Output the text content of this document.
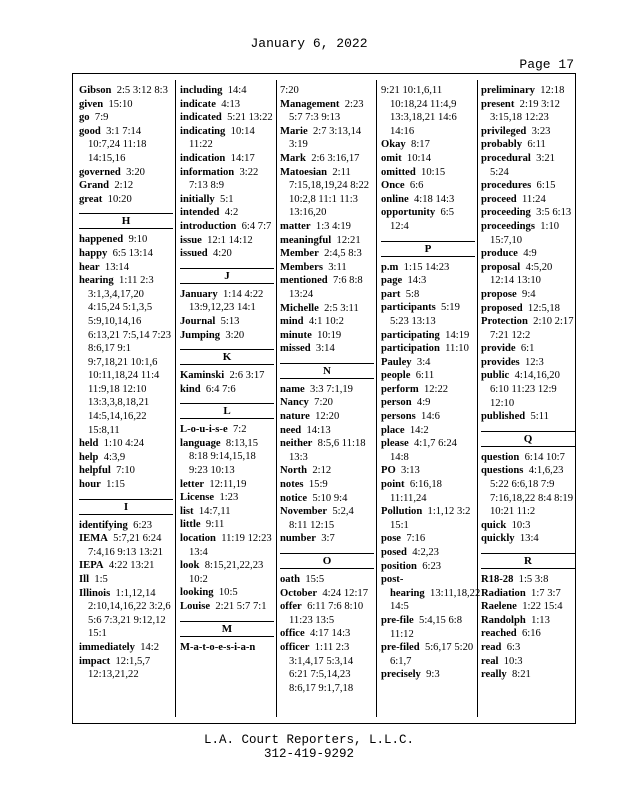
January 6, 2022
Page 17
Gibson 2:5 3:12 8:3
given 15:10
go 7:9
good 3:1 7:14 10:7,24 11:18 14:15,16
governed 3:20
Grand 2:12
great 10:20
H
happened 9:10
happy 6:5 13:14
hear 13:14
hearing 1:11 2:3 3:1,3,4,17,20 4:15,24 5:1,3,5 5:9,10,14,16 6:13,21 7:5,14 7:23 8:6,17 9:1 9:7,18,21 10:1,6 10:11,18,24 11:4 11:9,18 12:10 13:3,3,8,18,21 14:5,14,16,22 15:8,11
held 1:10 4:24
help 4:3,9
helpful 7:10
hour 1:15
I
identifying 6:23
IEMA 5:7,21 6:24 7:4,16 9:13 13:21
IEPA 4:22 13:21
Ill 1:5
Illinois 1:1,12,14 2:10,14,16,22 3:2,6 5:6 7:3,21 9:12,12 15:1
immediately 14:2
impact 12:1,5,7 12:13,21,22
including 14:4
indicate 4:13
indicated 5:21 13:22
indicating 10:14 11:22
indication 14:17
information 3:22 7:13 8:9
initially 5:1
intended 4:2
introduction 6:4 7:7
issue 12:1 14:12
issued 4:20
J
January 1:14 4:22 13:9,12,23 14:1
Journal 5:13
Jumping 3:20
K
Kaminski 2:6 3:17
kind 6:4 7:6
L
L-o-u-i-s-e 7:2
language 8:13,15 8:18 9:14,15,18 9:23 10:13
letter 12:11,19
License 1:23
list 14:7,11
little 9:11
location 11:19 12:23 13:4
look 8:15,21,22,23 10:2
looking 10:5
Louise 2:21 5:7 7:1
M
M-a-t-o-e-s-i-a-n
7:20
Management 2:23 5:7 7:3 9:13
Marie 2:7 3:13,14 3:19
Mark 2:6 3:16,17
Matoesian 2:11 7:15,18,19,24 8:22 10:2,8 11:1 11:3 13:16,20
matter 1:3 4:19
meaningful 12:21
Member 2:4,5 8:3
Members 3:11
mentioned 7:6 8:8 13:24
Michelle 2:5 3:11
mind 4:1 10:2
minute 10:19
missed 3:14
N
name 3:3 7:1,19
Nancy 7:20
nature 12:20
need 14:13
neither 8:5,6 11:18 13:3
North 2:12
notes 15:9
notice 5:10 9:4
November 5:2,4 8:11 12:15
number 3:7
O
oath 15:5
October 4:24 12:17
offer 6:11 7:6 8:10 11:23 13:5
office 4:17 14:3
officer 1:11 2:3 3:1,4,17 5:3,14 6:21 7:5,14,23 8:6,17 9:1,7,18
9:21 10:1,6,11 10:18,24 11:4,9 13:3,18,21 14:6 14:16
Okay 8:17
omit 10:14
omitted 10:15
Once 6:6
online 4:18 14:3
opportunity 6:5 12:4
P
p.m 1:15 14:23
page 14:3
part 5:8
participants 5:19 5:23 13:13
participating 14:19
participation 11:10
Pauley 3:4
people 6:11
perform 12:22
person 4:9
persons 14:6
place 14:2
please 4:1,7 6:24 14:8
PO 3:13
point 6:16,18 11:11,24
Pollution 1:1,12 3:2 15:1
pose 7:16
posed 4:2,23
position 6:23
post-hearing 13:11,18,22 14:5
pre-file 5:4,15 6:8 11:12
pre-filed 5:6,17 5:20 6:1,7
precisely 9:3
preliminary 12:18
present 2:19 3:12 3:15,18 12:23
privileged 3:23
probably 6:11
procedural 3:21 5:24
procedures 6:15
proceed 11:24
proceeding 3:5 6:13
proceedings 1:10 15:7,10
produce 4:9
proposal 4:5,20 12:14 13:10
propose 9:4
proposed 12:5,18
Protection 2:10 2:17 7:21 12:2
provide 6:1
provides 12:3
public 4:14,16,20 6:10 11:23 12:9 12:10
published 5:11
Q
question 6:14 10:7
questions 4:1,6,23 5:22 6:6,18 7:9 7:16,18,22 8:4 8:19 10:21 11:2
quick 10:3
quickly 13:4
R
R18-28 1:5 3:8
Radiation 1:7 3:7
Raelene 1:22 15:4
Randolph 1:13
reached 6:16
read 6:3
real 10:3
really 8:21
L.A. Court Reporters, L.L.C.
312-419-9292
